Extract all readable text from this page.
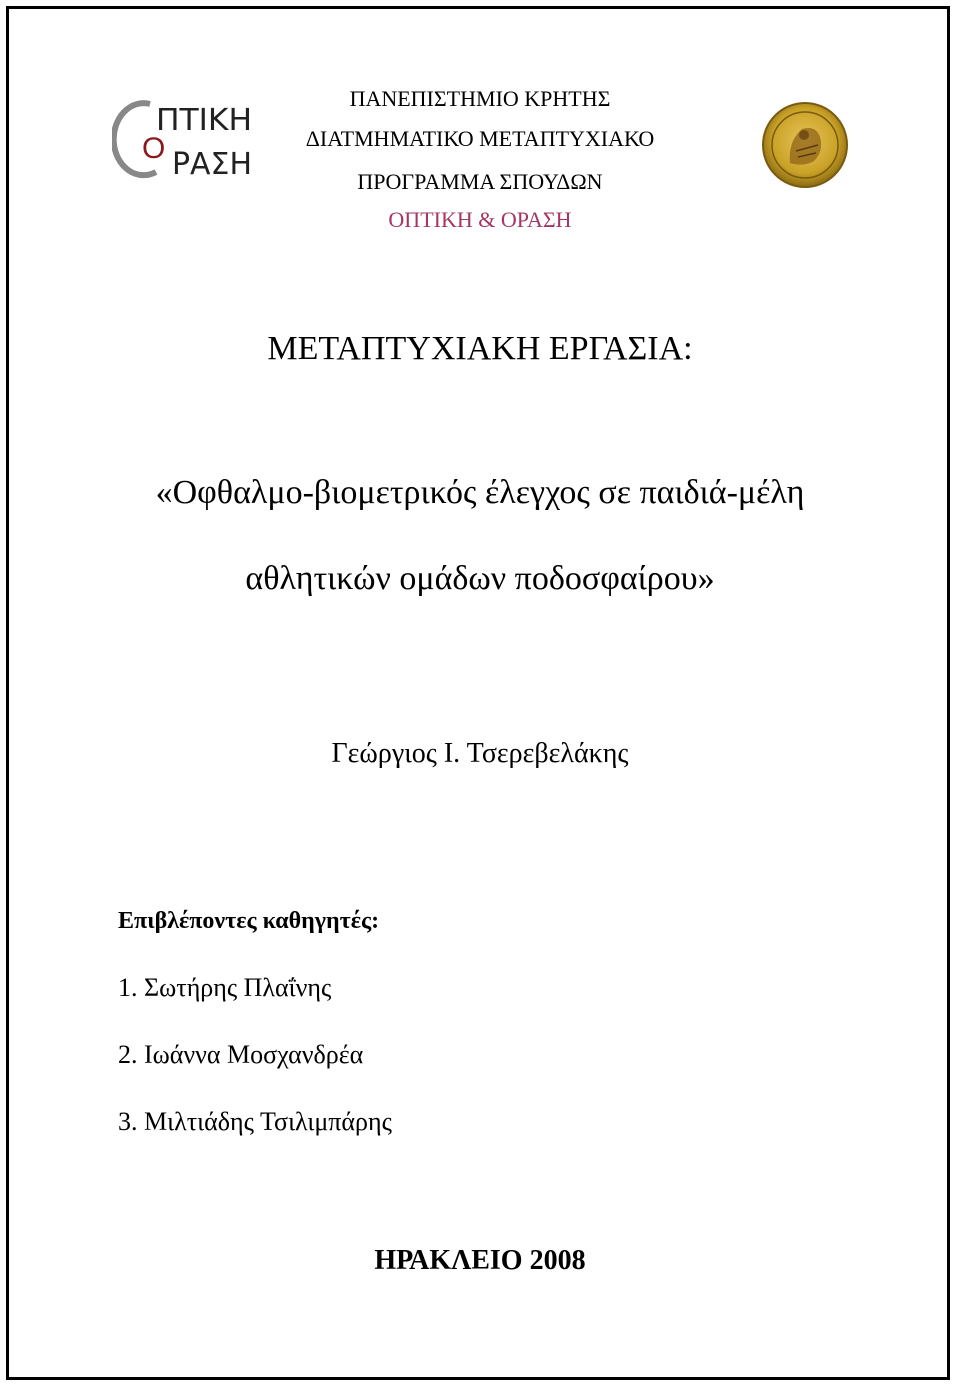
O
ΠΤΙΚΗ
ΡΑΣΗ
ΠΑΝΕΠΙΣΤΗΜΙΟ ΚΡΗΤΗΣ
ΔΙΑΤΜΗΜΑΤΙΚΟ ΜΕΤΑΠΤΥΧΙΑΚΟ
ΠΡΟΓΡΑΜΜΑ ΣΠΟΥΔΩΝ
ΟΠΤΙΚΗ & ΟΡΑΣΗ
ΜΕΤΑΠΤΥΧΙΑΚΗ ΕΡΓΑΣΙΑ:
«Οφθαλμο-βιομετρικός έλεγχος σε παιδιά-μέλη
αθλητικών ομάδων ποδοσφαίρου»
Γεώργιος Ι. Τσερεβελάκης
Επιβλέποντες καθηγητές:
1. Σωτήρης Πλαΐνης
2. Ιωάννα Μοσχανδρέα
3. Μιλτιάδης Τσιλιμπάρης
ΗΡΑΚΛΕΙΟ 2008
